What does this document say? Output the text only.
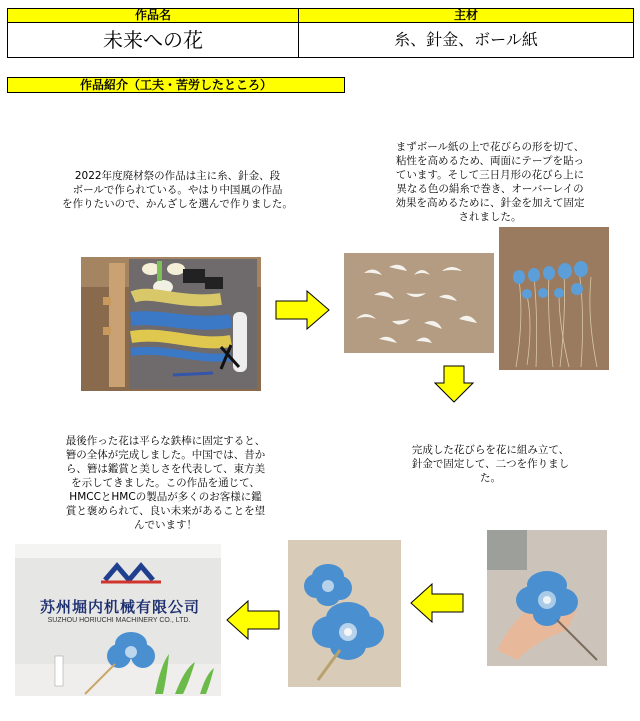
作品名	主材
未来への花	糸、針金、ボール紙
作品紹介（工夫・苦労したところ）
2022年度廃材祭の作品は主に糸、針金、段
ボールで作られている。やはり中国風の作品
を作りたいので、かんざしを選んで作りました。
まずボール紙の上で花びらの形を切て、
粘性を高めるため、両面にテープを貼っ
ています。そして三日月形の花びら上に
異なる色の絹糸で巻き、オーバーレイの
効果を高めるために、針金を加えて固定
されました。
完成した花びらを花に組み立て、
針金で固定して、二つを作りまし
た。
最後作った花は平らな鉄棒に固定すると、
簪の全体が完成しました。中国では、昔か
ら、簪は鑑賞と美しさを代表して、東方美
を示してきました。この作品を通じて、
HMCCとHMCの製品が多くのお客様に鑑
賞と褒められて、良い未来があることを望
んでいます！
苏州堀内机械有限公司
SUZHOU HORIUCHI MACHINERY CO., LTD.
